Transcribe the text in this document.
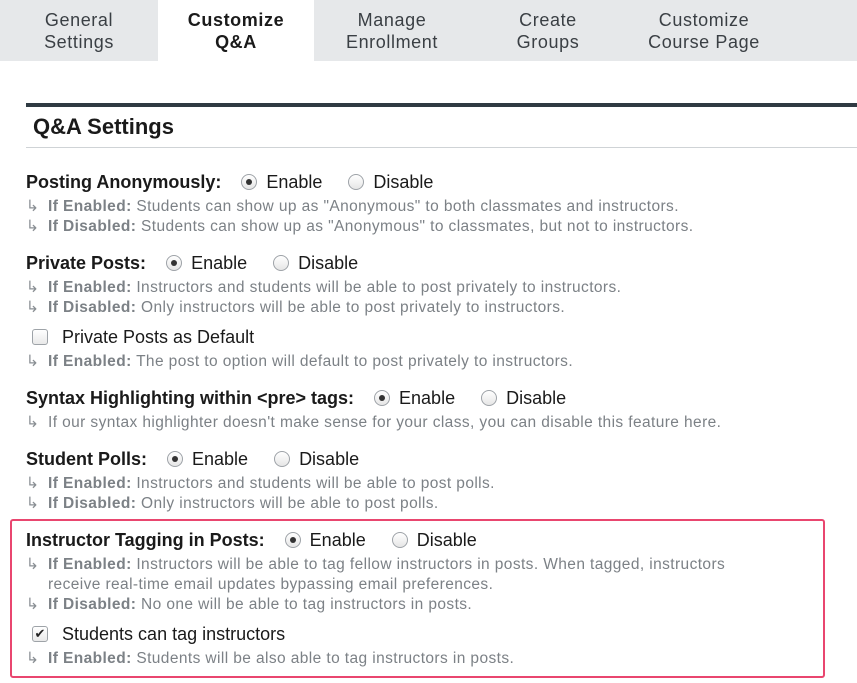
General
Settings
Customize
Q&A
Manage
Enrollment
Create
Groups
Customize
Course Page
Q&A Settings
Posting Anonymously:	Enable	Disable
↳ If Enabled: Students can show up as "Anonymous" to both classmates and instructors.
↳ If Disabled: Students can show up as "Anonymous" to classmates, but not to instructors.
Private Posts:	Enable	Disable
↳ If Enabled: Instructors and students will be able to post privately to instructors.
↳ If Disabled: Only instructors will be able to post privately to instructors.
Private Posts as Default
↳ If Enabled: The post to option will default to post privately to instructors.
Syntax Highlighting within <pre> tags:	Enable	Disable
↳ If our syntax highlighter doesn't make sense for your class, you can disable this feature here.
Student Polls:	Enable	Disable
↳ If Enabled: Instructors and students will be able to post polls.
↳ If Disabled: Only instructors will be able to post polls.
Instructor Tagging in Posts:	Enable	Disable
↳ If Enabled: Instructors will be able to tag fellow instructors in posts. When tagged, instructors
receive real-time email updates bypassing email preferences.
↳ If Disabled: No one will be able to tag instructors in posts.
✔ Students can tag instructors
↳ If Enabled: Students will be also able to tag instructors in posts.
